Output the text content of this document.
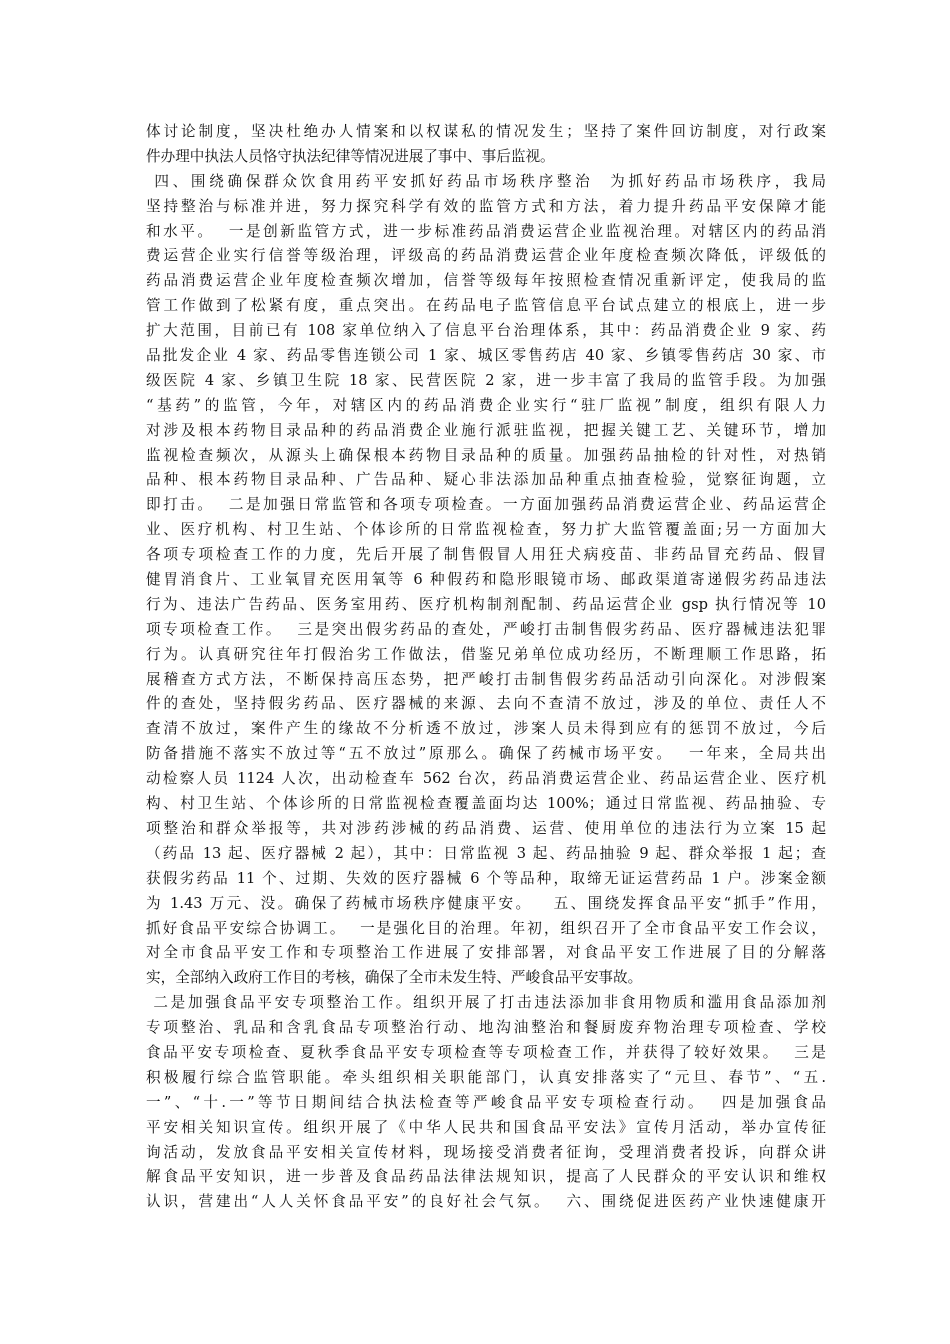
体讨论制度，坚决杜绝办人情案和以权谋私的情况发生；坚持了案件回访制度，对行政案
件办理中执法人员恪守执法纪律等情况进展了事中、事后监视。
四、围绕确保群众饮食用药平安抓好药品市场秩序整治  为抓好药品市场秩序，我局
坚持整治与标准并进，努力探究科学有效的监管方式和方法，着力提升药品平安保障才能
和水平。  一是创新监管方式，进一步标准药品消费运营企业监视治理。对辖区内的药品消
费运营企业实行信誉等级治理，评级高的药品消费运营企业年度检查频次降低，评级低的
药品消费运营企业年度检查频次增加，信誉等级每年按照检查情况重新评定，使我局的监
管工作做到了松紧有度，重点突出。在药品电子监管信息平台试点建立的根底上，进一步
扩大范围，目前已有 108 家单位纳入了信息平台治理体系，其中：药品消费企业 9 家、药
品批发企业 4 家、药品零售连锁公司 1 家、城区零售药店 40 家、乡镇零售药店 30 家、市
级医院 4 家、乡镇卫生院 18 家、民营医院 2 家，进一步丰富了我局的监管手段。为加强
“基药”的监管，今年，对辖区内的药品消费企业实行“驻厂监视”制度，组织有限人力
对涉及根本药物目录品种的药品消费企业施行派驻监视，把握关键工艺、关键环节，增加
监视检查频次，从源头上确保根本药物目录品种的质量。加强药品抽检的针对性，对热销
品种、根本药物目录品种、广告品种、疑心非法添加品种重点抽查检验，觉察征询题，立
即打击。  二是加强日常监管和各项专项检查。一方面加强药品消费运营企业、药品运营企
业、医疗机构、村卫生站、个体诊所的日常监视检查，努力扩大监管覆盖面;另一方面加大
各项专项检查工作的力度，先后开展了制售假冒人用狂犬病疫苗、非药品冒充药品、假冒
健胃消食片、工业氧冒充医用氧等 6 种假药和隐形眼镜市场、邮政渠道寄递假劣药品违法
行为、违法广告药品、医务室用药、医疗机构制剂配制、药品运营企业 gsp 执行情况等 10
项专项检查工作。  三是突出假劣药品的查处，严峻打击制售假劣药品、医疗器械违法犯罪
行为。认真研究往年打假治劣工作做法，借鉴兄弟单位成功经历，不断理顺工作思路，拓
展稽查方式方法，不断保持高压态势，把严峻打击制售假劣药品活动引向深化。对涉假案
件的查处，坚持假劣药品、医疗器械的来源、去向不查清不放过，涉及的单位、责任人不
查清不放过，案件产生的缘故不分析透不放过，涉案人员未得到应有的惩罚不放过，今后
防备措施不落实不放过等“五不放过”原那么。确保了药械市场平安。  一年来，全局共出
动检察人员 1124 人次，出动检查车 562 台次，药品消费运营企业、药品运营企业、医疗机
构、村卫生站、个体诊所的日常监视检查覆盖面均达 100%；通过日常监视、药品抽验、专
项整治和群众举报等，共对涉药涉械的药品消费、运营、使用单位的违法行为立案 15 起
（药品 13 起、医疗器械 2 起），其中：日常监视 3 起、药品抽验 9 起、群众举报 1 起；查
获假劣药品 11 个、过期、失效的医疗器械 6 个等品种，取缔无证运营药品 1 户。涉案金额
为 1.43 万元、没。确保了药械市场秩序健康平安。   五、围绕发挥食品平安“抓手”作用，
抓好食品平安综合协调工。  一是强化目的治理。年初，组织召开了全市食品平安工作会议，
对全市食品平安工作和专项整治工作进展了安排部署，对食品平安工作进展了目的分解落
实，全部纳入政府工作目的考核，确保了全市未发生特、严峻食品平安事故。
二是加强食品平安专项整治工作。组织开展了打击违法添加非食用物质和滥用食品添加剂
专项整治、乳品和含乳食品专项整治行动、地沟油整治和餐厨废弃物治理专项检查、学校
食品平安专项检查、夏秋季食品平安专项检查等专项检查工作，并获得了较好效果。  三是
积极履行综合监管职能。牵头组织相关职能部门，认真安排落实了“元旦、春节”、“五.
一”、“十.一”等节日期间结合执法检查等严峻食品平安专项检查行动。  四是加强食品
平安相关知识宣传。组织开展了《中华人民共和国食品平安法》宣传月活动，举办宣传征
询活动，发放食品平安相关宣传材料，现场接受消费者征询，受理消费者投诉，向群众讲
解食品平安知识，进一步普及食品药品法律法规知识，提高了人民群众的平安认识和维权
认识，营建出“人人关怀食品平安”的良好社会气氛。  六、围绕促进医药产业快速健康开
